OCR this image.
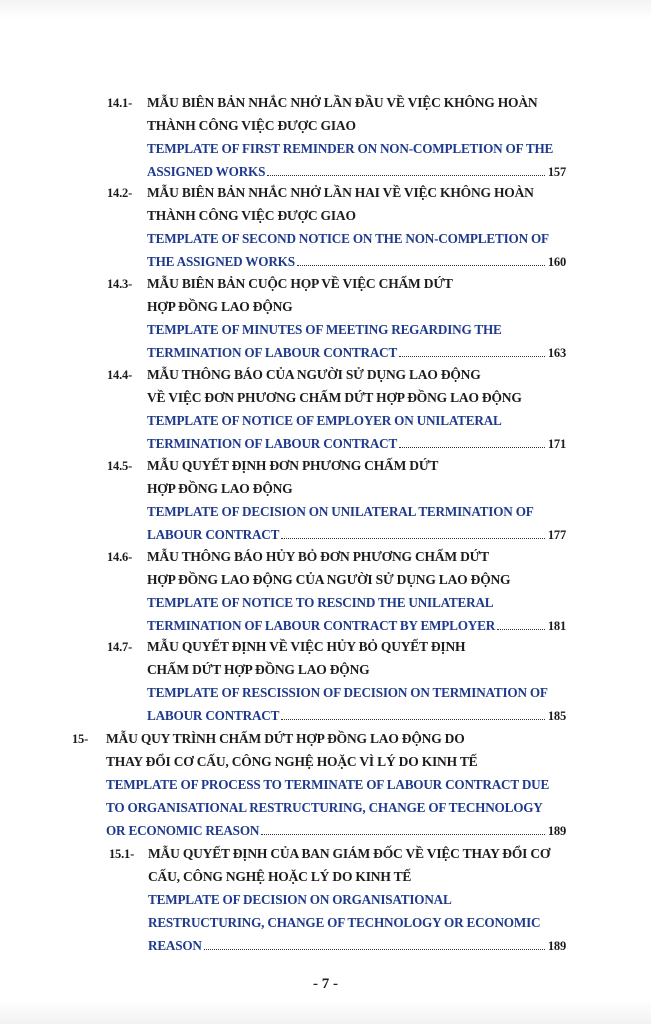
14.1- MẪU BIÊN BẢN NHẮC NHỞ LẦN ĐẦU VỀ VIỆC KHÔNG HOÀN
THÀNH CÔNG VIỆC ĐƯỢC GIAO
TEMPLATE OF FIRST REMINDER ON NON-COMPLETION OF THE
ASSIGNED WORKS	157
14.2- MẪU BIÊN BẢN NHẮC NHỞ LẦN HAI VỀ VIỆC KHÔNG HOÀN
THÀNH CÔNG VIỆC ĐƯỢC GIAO
TEMPLATE OF SECOND NOTICE ON THE NON-COMPLETION OF
THE ASSIGNED WORKS	160
14.3- MẪU BIÊN BẢN CUỘC HỌP VỀ VIỆC CHẤM DỨT
HỢP ĐỒNG LAO ĐỘNG
TEMPLATE OF MINUTES OF MEETING REGARDING THE
TERMINATION OF LABOUR CONTRACT	163
14.4- MẪU THÔNG BÁO CỦA NGƯỜI SỬ DỤNG LAO ĐỘNG
VỀ VIỆC ĐƠN PHƯƠNG CHẤM DỨT HỢP ĐỒNG LAO ĐỘNG
TEMPLATE OF NOTICE OF EMPLOYER ON UNILATERAL
TERMINATION OF LABOUR CONTRACT	171
14.5- MẪU QUYẾT ĐỊNH ĐƠN PHƯƠNG CHẤM DỨT
HỢP ĐỒNG LAO ĐỘNG
TEMPLATE OF DECISION ON UNILATERAL TERMINATION OF
LABOUR CONTRACT	177
14.6- MẪU THÔNG BÁO HỦY BỎ ĐƠN PHƯƠNG CHẤM DỨT
HỢP ĐỒNG LAO ĐỘNG CỦA NGƯỜI SỬ DỤNG LAO ĐỘNG
TEMPLATE OF NOTICE TO RESCIND THE UNILATERAL
TERMINATION OF LABOUR CONTRACT BY EMPLOYER	181
14.7- MẪU QUYẾT ĐỊNH VỀ VIỆC HỦY BỎ QUYẾT ĐỊNH
CHẤM DỨT HỢP ĐỒNG LAO ĐỘNG
TEMPLATE OF RESCISSION OF DECISION ON TERMINATION OF
LABOUR CONTRACT	185
15- MẪU QUY TRÌNH CHẤM DỨT HỢP ĐỒNG LAO ĐỘNG DO
THAY ĐỔI CƠ CẤU, CÔNG NGHỆ HOẶC VÌ LÝ DO KINH TẾ
TEMPLATE OF PROCESS TO TERMINATE OF LABOUR CONTRACT DUE
TO ORGANISATIONAL RESTRUCTURING, CHANGE OF TECHNOLOGY
OR ECONOMIC REASON	189
15.1- MẪU QUYẾT ĐỊNH CỦA BAN GIÁM ĐỐC VỀ VIỆC THAY ĐỔI CƠ
CẤU, CÔNG NGHỆ HOẶC LÝ DO KINH TẾ
TEMPLATE OF DECISION ON ORGANISATIONAL
RESTRUCTURING, CHANGE OF TECHNOLOGY OR ECONOMIC
REASON	189
- 7 -
